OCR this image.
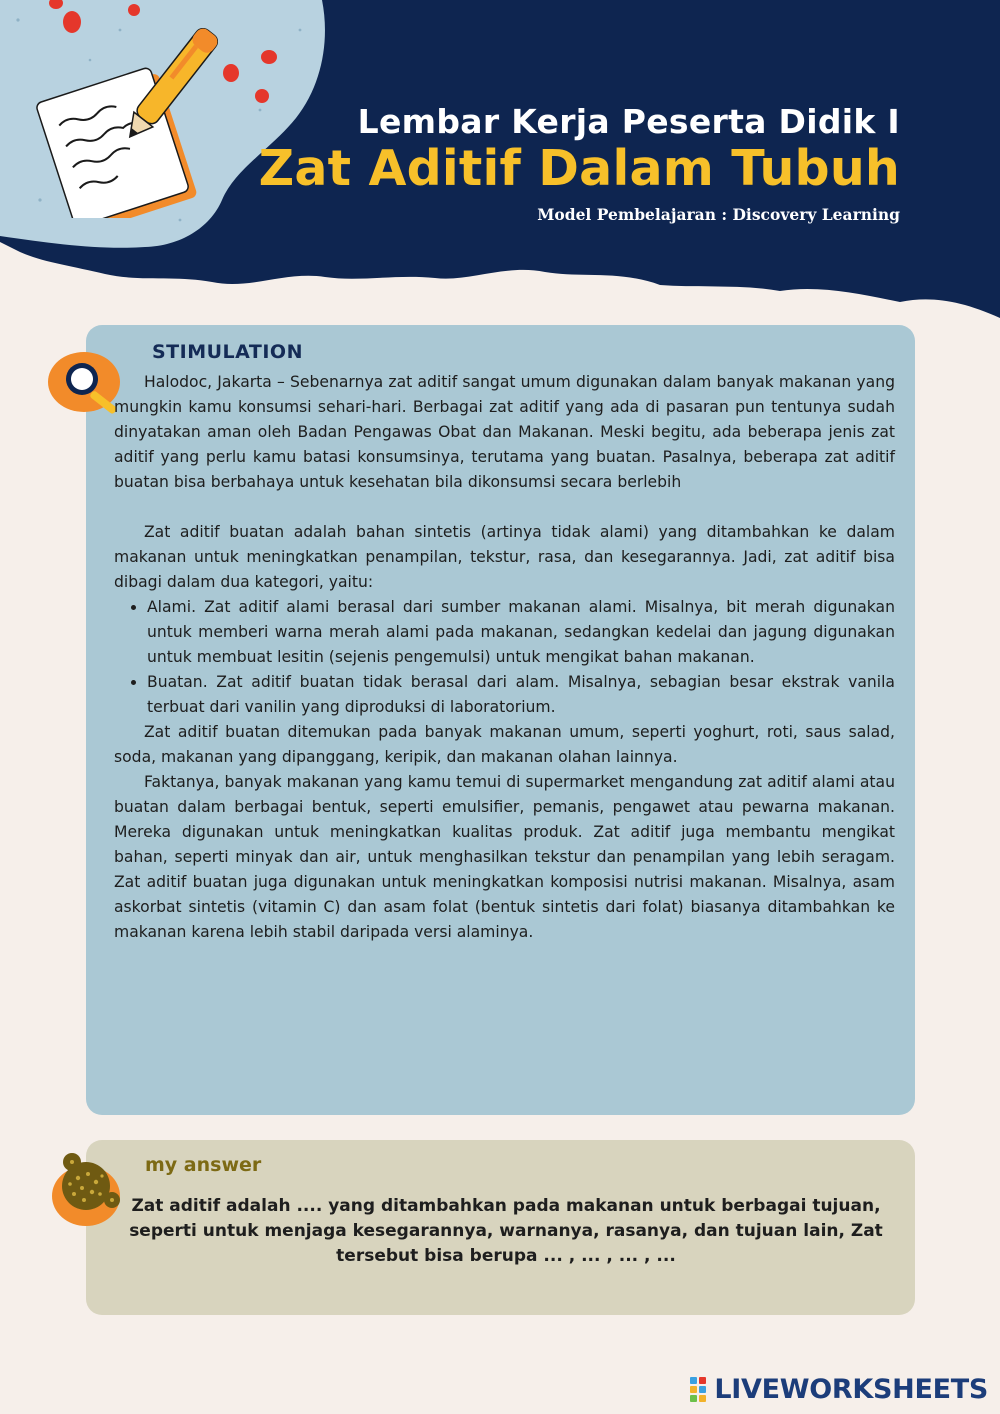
Lembar Kerja Peserta Didik I
Zat Aditif Dalam Tubuh
Model Pembelajaran : Discovery Learning
STIMULATION

Halodoc, Jakarta – Sebenarnya zat aditif sangat umum digunakan dalam banyak makanan yang mungkin kamu konsumsi sehari-hari. Berbagai zat aditif yang ada di pasaran pun tentunya sudah dinyatakan aman oleh Badan Pengawas Obat dan Makanan. Meski begitu, ada beberapa jenis zat aditif yang perlu kamu batasi konsumsinya, terutama yang buatan. Pasalnya, beberapa zat aditif buatan bisa berbahaya untuk kesehatan bila dikonsumsi secara berlebih

Zat aditif buatan adalah bahan sintetis (artinya tidak alami) yang ditambahkan ke dalam makanan untuk meningkatkan penampilan, tekstur, rasa, dan kesegarannya. Jadi, zat aditif bisa dibagi dalam dua kategori, yaitu:

• Alami. Zat aditif alami berasal dari sumber makanan alami. Misalnya, bit merah digunakan untuk memberi warna merah alami pada makanan, sedangkan kedelai dan jagung digunakan untuk membuat lesitin (sejenis pengemulsi) untuk mengikat bahan makanan.
• Buatan. Zat aditif buatan tidak berasal dari alam. Misalnya, sebagian besar ekstrak vanila terbuat dari vanilin yang diproduksi di laboratorium.

Zat aditif buatan ditemukan pada banyak makanan umum, seperti yoghurt, roti, saus salad, soda, makanan yang dipanggang, keripik, dan makanan olahan lainnya.

Faktanya, banyak makanan yang kamu temui di supermarket mengandung zat aditif alami atau buatan dalam berbagai bentuk, seperti emulsifier, pemanis, pengawet atau pewarna makanan. Mereka digunakan untuk meningkatkan kualitas produk. Zat aditif juga membantu mengikat bahan, seperti minyak dan air, untuk menghasilkan tekstur dan penampilan yang lebih seragam. Zat aditif buatan juga digunakan untuk meningkatkan komposisi nutrisi makanan. Misalnya, asam askorbat sintetis (vitamin C) dan asam folat (bentuk sintetis dari folat) biasanya ditambahkan ke makanan karena lebih stabil daripada versi alaminya.

my answer
Zat aditif adalah .... yang ditambahkan pada makanan untuk berbagai tujuan, seperti untuk menjaga kesegarannya, warnanya, rasanya, dan tujuan lain, Zat tersebut bisa berupa ... , ... , ... , ...
LIVEWORKSHEETS
